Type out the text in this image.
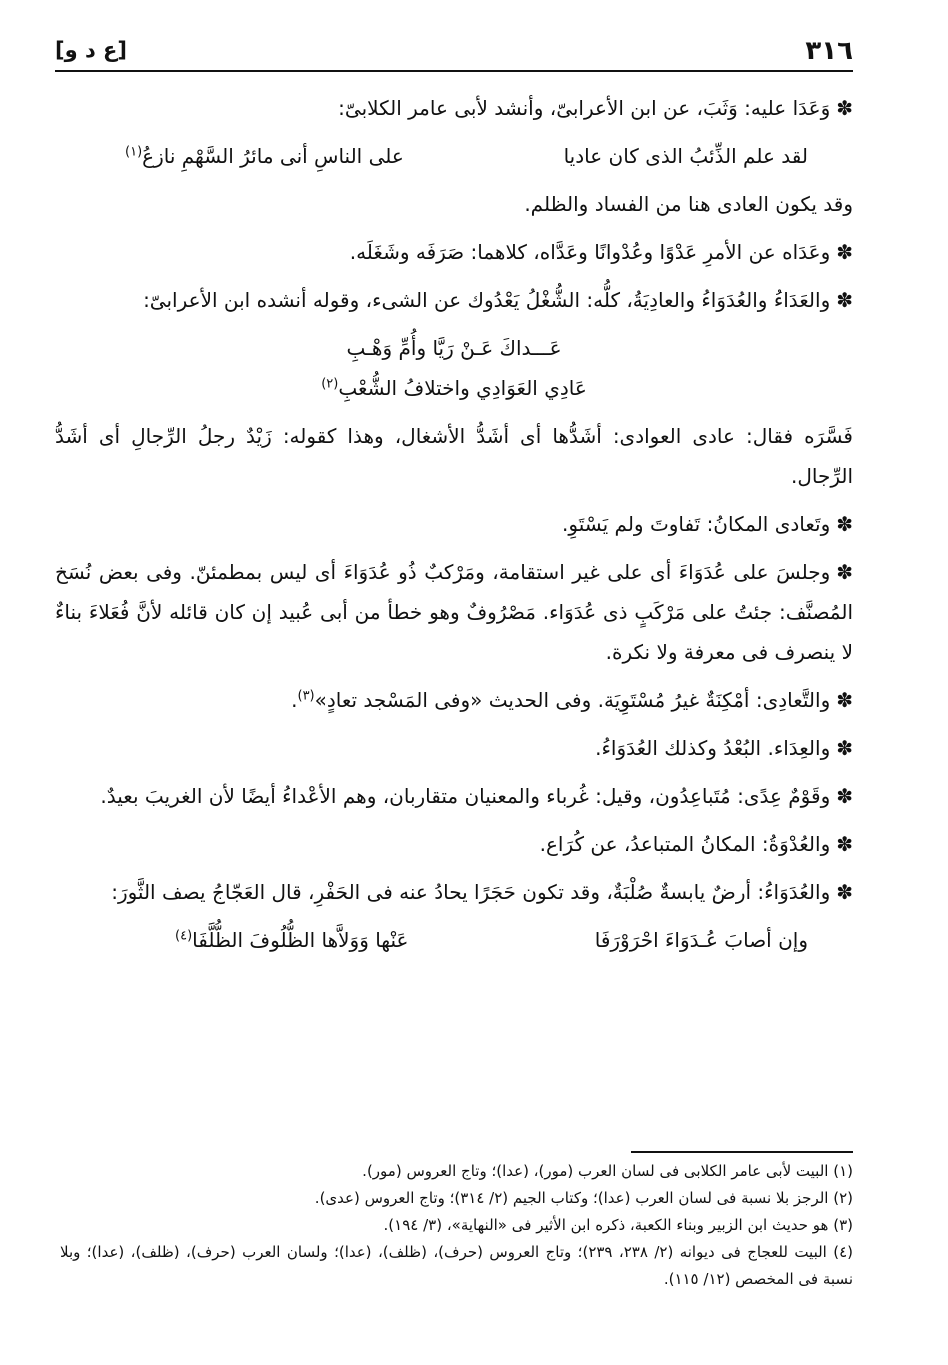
٣١٦
[ع د و]

✽وَعَدَا عليه: وَثَبَ، عن ابن الأعرابىّ، وأنشد لأبى عامر الكلابىّ:

لقد علم الذِّئبُ الذى كان عاديا
على الناسِ أنى مائرُ السَّهْمِ نازعُ$^{(١)}$

وقد يكون العادى هنا من الفساد والظلم.

✽وعَدَاه عن الأمرِ عَدْوًا وعُدْوانًا وعَدَّاه، كلاهما: صَرَفَه وشَغَلَه.

✽والعَدَاءُ والعُدَوَاءُ والعادِيَةُ، كلُّه: الشُّغْلُ يَعْدُوك عن الشىء، وقوله أنشده ابن الأعرابىّ:

عَـــداكَ عَـنْ رَيَّا وأُمِّ وَهْـبِ

عَادِي العَوَادِي واختلافُ الشُّعْبِ$^{(٢)}$

فَسَّرَه فقال: عادى العوادى: أشَدُّها أى أشَدُّ الأشغال، وهذا كقوله: زَيْدٌ رجلُ الرِّجالِ أى أشَدُّ الرِّجال.

✽وتَعادى المكانُ: تَفاوتَ ولم يَسْتَوِ.

✽وجلسَ على عُدَوَاءَ أى على غير استقامة، ومَرْكبٌ ذُو عُدَوَاءَ أى ليس بمطمئنّ. وفى بعض نُسَخ المُصنَّف: جئتُ على مَرْكَبٍ ذى عُدَوَاء. مَصْرُوفٌ وهو خطأ من أبى عُبيد إن كان قائله لأنَّ فُعَلاءَ بناءٌ لا ينصرف فى معرفة ولا نكرة.

✽والتَّعادِى: أمْكِنَةٌ غيرُ مُسْتَوِيَة. وفى الحديث «وفى المَسْجد تعادٍ»$^{(٣)}$.

✽والعِدَاء. البُعْدُ وكذلك العُدَوَاءُ.

✽وقَوْمٌ عِدًى: مُتَباعِدُون، وقيل: غُرباء والمعنيان متقاربان، وهم الأعْداءُ أيضًا لأن الغريبَ بعيدٌ.

✽والعُدْوَةُ: المكانُ المتباعدُ، عن كُرَاع.

✽والعُدَوَاءُ: أرضٌ يابسةٌ صُلْبَةٌ، وقد تكون حَجَرًا يحادُ عنه فى الحَفْرِ، قال العَجّاجُ يصف الثَّورَ:

وإن أصابَ عُـدَوَاءَ احْرَوْرَفَا
عَنْها وَوَلاَّها الظُّلُوفَ الظُّلَّفَا$^{(٤)}$

(١) البيت لأبى عامر الكلابى فى لسان العرب (مور)، (عدا)؛ وتاج العروس (مور).

(٢) الرجز بلا نسبة فى لسان العرب (عدا)؛ وكتاب الجيم (٢/ ٣١٤)؛ وتاج العروس (عدى).

(٣) هو حديث ابن الزبير وبناء الكعبة، ذكره ابن الأثير فى «النهاية»، (٣/ ١٩٤).

(٤) البيت للعجاج فى ديوانه (٢/ ٢٣٨، ٢٣٩)؛ وتاج العروس (حرف)، (ظلف)، (عدا)؛ ولسان العرب (حرف)، (ظلف)، (عدا)؛ وبلا نسبة فى المخصص (١٢/ ١١٥).
